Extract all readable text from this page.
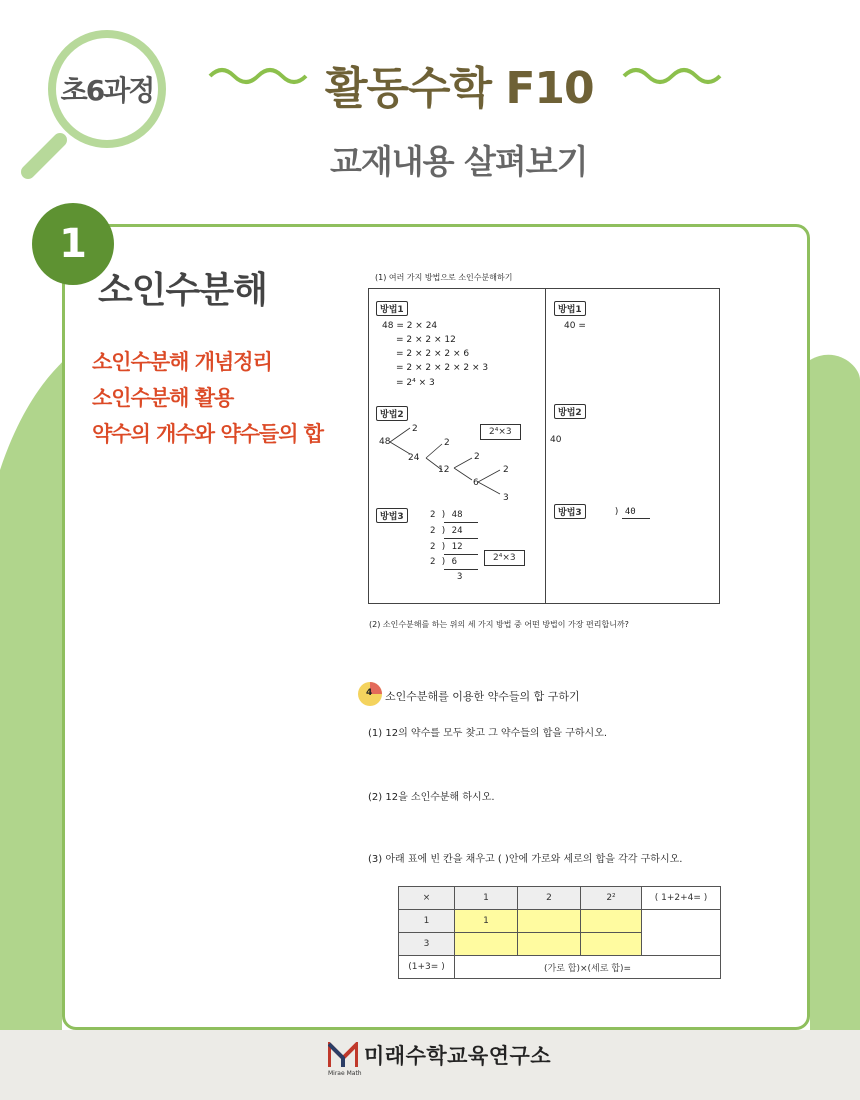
초6과정	활동수학 F10
교재내용 살펴보기
1
소인수분해
소인수분해 개념정리
소인수분해 활용
약수의 개수와 약수들의 합
(1) 여러 가지 방법으로 소인수분해하기
방법1
48 = 2 × 24
= 2 × 2 × 12
= 2 × 2 × 2 × 6
= 2 × 2 × 2 × 2 × 3
= 2⁴ × 3
방법2
48
2
24
2
12
2
6
2
3
2⁴×3
방법3	2 ) 48
2 ) 24
2 ) 12
2 ) 6
3
2⁴×3
방법1
40 =
방법2
40
방법3	) 40
(2) 소인수분해를 하는 위의 세 가지 방법 중 어떤 방법이 가장 편리합니까?
4 소인수분해를 이용한 약수들의 합 구하기
(1) 12의 약수를 모두 찾고 그 약수들의 합을 구하시오.
(2) 12을 소인수분해 하시오.
(3) 아래 표에 빈 칸을 채우고 ( )안에 가로와 세로의 합을 각각 구하시오.
×	1	2	2²	( 1+2+4= )
1	1			
3				
(1+3= )	(가로 합)×(세로 합)=			
미래수학교육연구소
Mirae Math
